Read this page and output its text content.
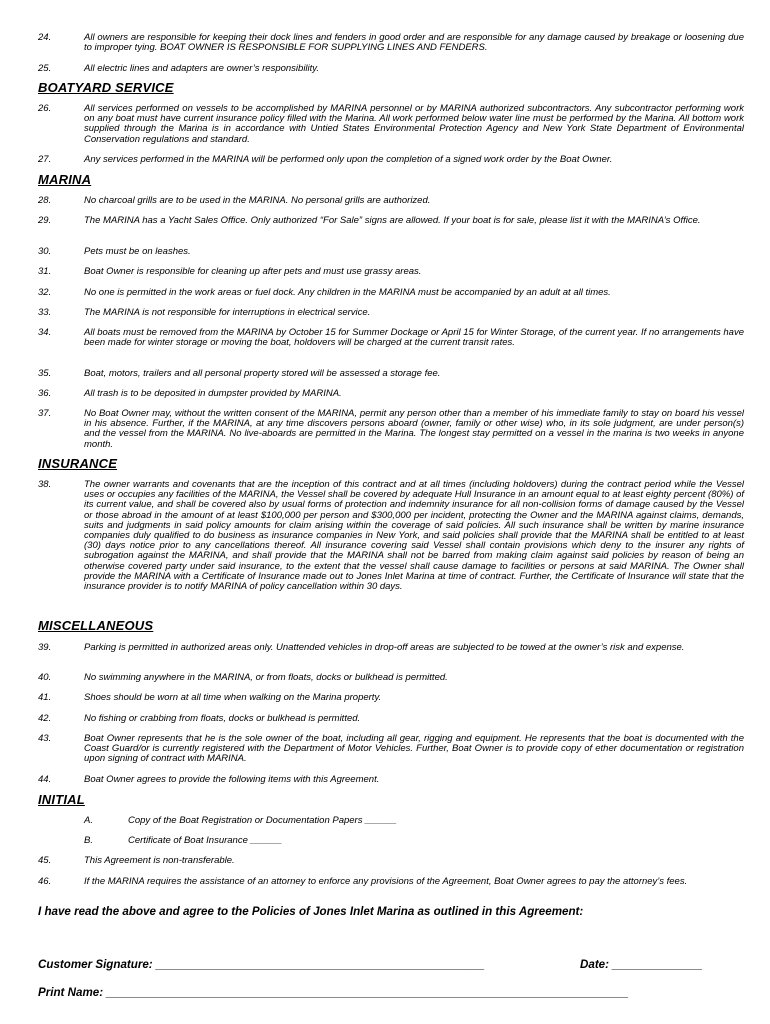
24.	All owners are responsible for keeping their dock lines and fenders in good order and are responsible for any damage caused by breakage or loosening due to improper tying. BOAT OWNER IS RESPONSIBLE FOR SUPPLYING LINES AND FENDERS.
25.	All electric lines and adapters are owner’s responsibility.
BOATYARD SERVICE
26.	All services performed on vessels to be accomplished by MARINA personnel or by MARINA authorized subcontractors. Any subcontractor performing work on any boat must have current insurance policy filled with the Marina. All work performed below water line must be performed by the Marina. All bottom work supplied through the Marina is in accordance with Untied States Environmental Protection Agency and New York State Department of Environmental Conservation regulations and standard.
27.	Any services performed in the MARINA will be performed only upon the completion of a signed work order by the Boat Owner.
MARINA
28.	No charcoal grills are to be used in the MARINA. No personal grills are authorized.
29.	The MARINA has a Yacht Sales Office. Only authorized “For Sale” signs are allowed. If your boat is for sale, please list it with the MARINA’s Office.
30.	Pets must be on leashes.
31.	Boat Owner is responsible for cleaning up after pets and must use grassy areas.
32.	No one is permitted in the work areas or fuel dock. Any children in the MARINA must be accompanied by an adult at all times.
33.	The MARINA is not responsible for interruptions in electrical service.
34.	All boats must be removed from the MARINA by October 15 for Summer Dockage or April 15 for Winter Storage, of the current year. If no arrangements have been made for winter storage or moving the boat, holdovers will be charged at the current transit rates.
35.	Boat, motors, trailers and all personal property stored will be assessed a storage fee.
36.	All trash is to be deposited in dumpster provided by MARINA.
37.	No Boat Owner may, without the written consent of the MARINA, permit any person other than a member of his immediate family to stay on board his vessel in his absence. Further, if the MARINA, at any time discovers persons aboard (owner, family or other wise) who, in its sole judgment, are under person(s) and the vessel from the MARINA. No live-aboards are permitted in the Marina. The longest stay permitted on a vessel in the marina is two weeks in anyone month.
INSURANCE
38.	The owner warrants and covenants that are the inception of this contract and at all times (including holdovers) during the contract period while the Vessel uses or occupies any facilities of the MARINA, the Vessel shall be covered by adequate Hull Insurance in an amount equal to at least eighty percent (80%) of its current value, and shall be covered also by usual forms of protection and indemnity insurance for all non-collision forms of damage caused by the Vessel or those abroad in the amount of at least $100,000 per person and $300,000 per incident, protecting the Owner and the MARINA against claims, demands, suits and judgments in said policy amounts for claim arising within the coverage of said policies. All such insurance shall be written by marine insurance companies duly qualified to do business as insurance companies in New York, and said policies shall provide that the MARINA shall be entitled to at least (30) days notice prior to any cancellations thereof. All insurance covering said Vessel shall contain provisions which deny to the insurer any rights of subrogation against the MARINA, and shall provide that the MARINA shall not be barred from making claim against said policies by reason of being an otherwise covered party under said insurance, to the extent that the vessel shall cause damage to facilities or persons at said MARINA. The Owner shall provide the MARINA with a Certificate of Insurance made out to Jones Inlet Marina at time of contract. Further, the Certificate of Insurance will state that the insurance provider is to notify MARINA of policy cancellation within 30 days.
MISCELLANEOUS
39.	Parking is permitted in authorized areas only. Unattended vehicles in drop-off areas are subjected to be towed at the owner’s risk and expense.
40.	No swimming anywhere in the MARINA, or from floats, docks or bulkhead is permitted.
41.	Shoes should be worn at all time when walking on the Marina property.
42.	No fishing or crabbing from floats, docks or bulkhead is permitted.
43.	Boat Owner represents that he is the sole owner of the boat, including all gear, rigging and equipment. He represents that the boat is documented with the Coast Guard/or is currently registered with the Department of Motor Vehicles. Further, Boat Owner is to provide copy of ether documentation or registration upon signing of contract with MARINA.
44.	Boat Owner agrees to provide the following items with this Agreement.
INITIAL
A.	Copy of the Boat Registration or Documentation Papers ______
B.	Certificate of Boat Insurance ______
45.	This Agreement is non-transferable.
46.	If the MARINA requires the assistance of an attorney to enforce any provisions of the Agreement, Boat Owner agrees to pay the attorney’s fees.
I have read the above and agree to the Policies of Jones Inlet Marina as outlined in this Agreement:
Customer Signature: ___________________________________________________	Date: ______________
Print Name: _________________________________________________________________________________
